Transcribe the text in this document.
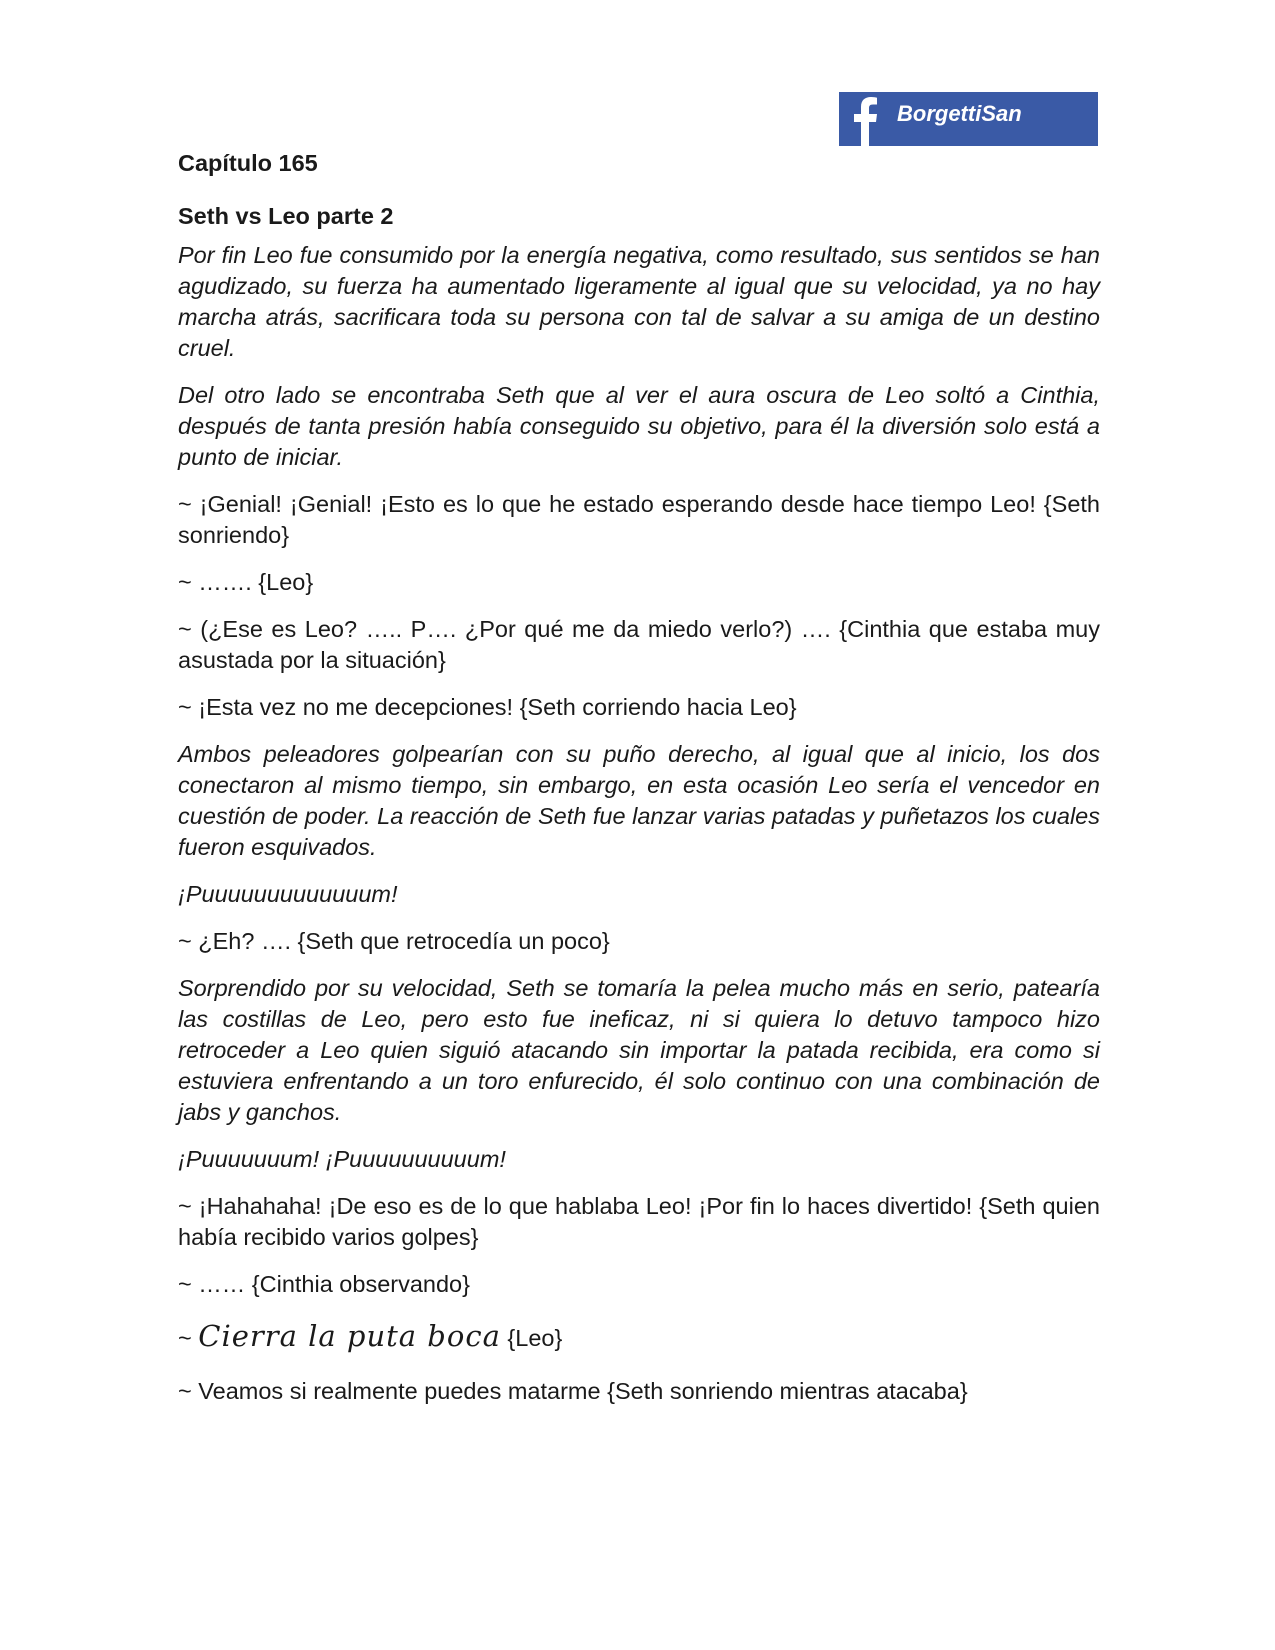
BorgettiSan
Capítulo 165
Seth vs Leo parte 2

Por fin Leo fue consumido por la energía negativa, como resultado, sus sentidos se han agudizado, su fuerza ha aumentado ligeramente al igual que su velocidad, ya no hay marcha atrás, sacrificara toda su persona con tal de salvar a su amiga de un destino cruel.

Del otro lado se encontraba Seth que al ver el aura oscura de Leo soltó a Cinthia, después de tanta presión había conseguido su objetivo, para él la diversión solo está a punto de iniciar.

~ ¡Genial! ¡Genial! ¡Esto es lo que he estado esperando desde hace tiempo Leo! {Seth sonriendo}

~ ……. {Leo}

~ (¿Ese es Leo? ….. P…. ¿Por qué me da miedo verlo?) …. {Cinthia que estaba muy asustada por la situación}

~ ¡Esta vez no me decepciones! {Seth corriendo hacia Leo}

Ambos peleadores golpearían con su puño derecho, al igual que al inicio, los dos conectaron al mismo tiempo, sin embargo, en esta ocasión Leo sería el vencedor en cuestión de poder. La reacción de Seth fue lanzar varias patadas y puñetazos los cuales fueron esquivados.

¡Puuuuuuuuuuuuum!

~ ¿Eh? …. {Seth que retrocedía un poco}

Sorprendido por su velocidad, Seth se tomaría la pelea mucho más en serio, patearía las costillas de Leo, pero esto fue ineficaz, ni si quiera lo detuvo tampoco hizo retroceder a Leo quien siguió atacando sin importar la patada recibida, era como si estuviera enfrentando a un toro enfurecido, él solo continuo con una combinación de jabs y ganchos.

¡Puuuuuuum! ¡Puuuuuuuuuum!

~ ¡Hahahaha! ¡De eso es de lo que hablaba Leo! ¡Por fin lo haces divertido! {Seth quien había recibido varios golpes}

~ …… {Cinthia observando}

~ Cierra la puta boca {Leo}

~ Veamos si realmente puedes matarme {Seth sonriendo mientras atacaba}
